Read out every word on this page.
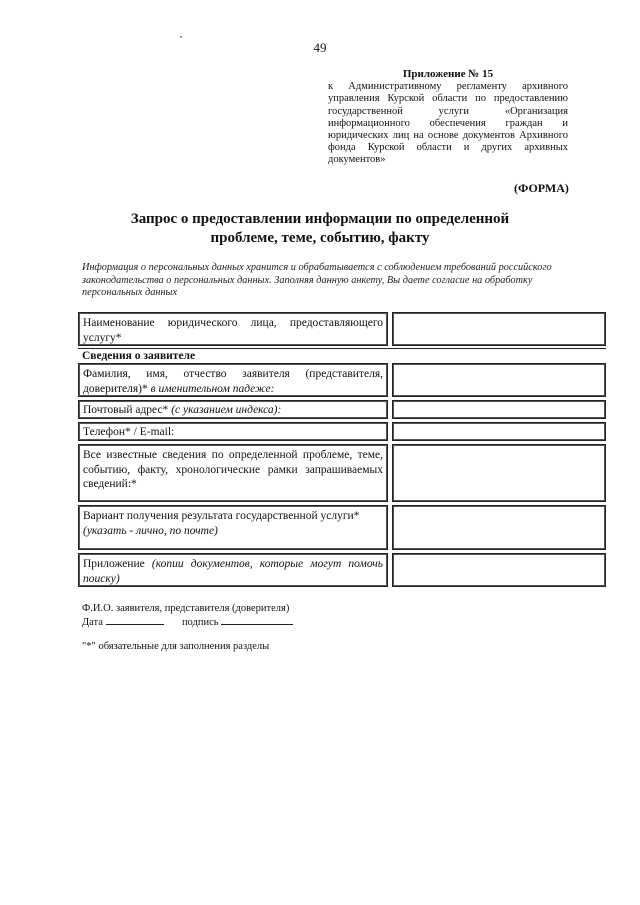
49
Приложение № 15
к Административному регламенту архивного управления Курской области по предоставлению государственной услуги «Организация информационного обеспечения граждан и юридических лиц на основе документов Архивного фонда Курской области и других архивных документов»
(ФОРМА)
Запрос о предоставлении информации по определенной
проблеме, теме, событию, факту
Информация о персональных данных хранится и обрабатывается с соблюдением требований российского законодательства о персональных данных. Заполняя данную анкету, Вы даете согласие на обработку персональных данных
Наименование юридического лица, предоставляющего услугу*
Сведения о заявителе
Фамилия, имя, отчество заявителя (представителя, доверителя)* в именительном падеже:
Почтовый адрес* (с указанием индекса):
Телефон* / E-mail:
Все известные сведения по определенной проблеме, теме, событию, факту, хронологические рамки запрашиваемых сведений:*
Вариант получения результата государственной услуги*
(указать - лично, по почте)
Приложение (копии документов, которые могут помочь поиску)
Ф.И.О. заявителя, представителя (доверителя)
Дата	подпись
"*" обязательные для заполнения разделы
